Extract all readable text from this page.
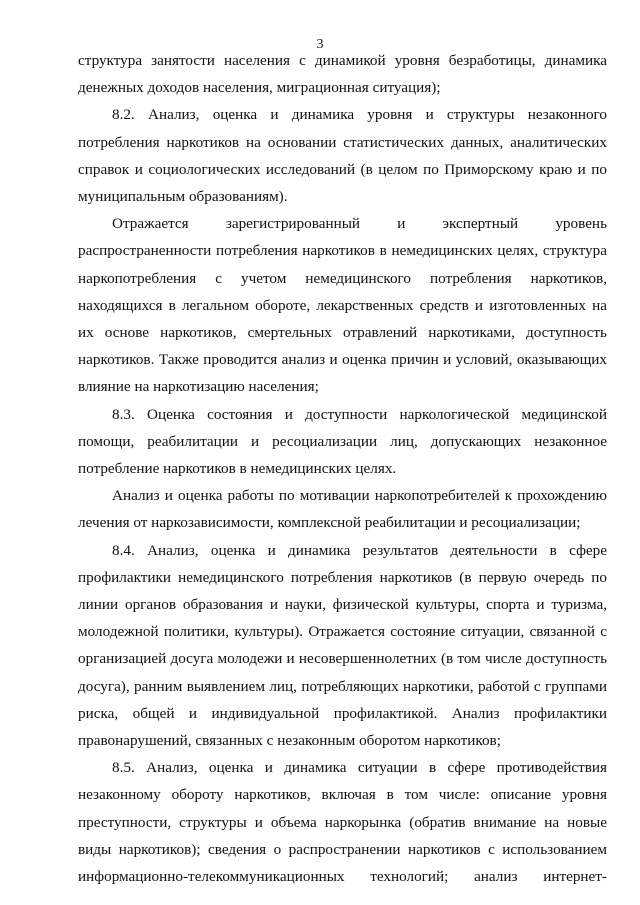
3

структура занятости населения с динамикой уровня безработицы, динамика денежных доходов населения, миграционная ситуация);

8.2. Анализ, оценка и динамика уровня и структуры незаконного потребления наркотиков на основании статистических данных, аналитических справок и социологических исследований (в целом по Приморскому краю и по муниципальным образованиям).

Отражается зарегистрированный и экспертный уровень распространенности потребления наркотиков в немедицинских целях, структура наркопотребления с учетом немедицинского потребления наркотиков, находящихся в легальном обороте, лекарственных средств и изготовленных на их основе наркотиков, смертельных отравлений наркотиками, доступность наркотиков. Также проводится анализ и оценка причин и условий, оказывающих влияние на наркотизацию населения;

8.3. Оценка состояния и доступности наркологической медицинской помощи, реабилитации и ресоциализации лиц, допускающих незаконное потребление наркотиков в немедицинских целях.

Анализ и оценка работы по мотивации наркопотребителей к прохождению лечения от наркозависимости, комплексной реабилитации и ресоциализации;

8.4. Анализ, оценка и динамика результатов деятельности в сфере профилактики немедицинского потребления наркотиков (в первую очередь по линии органов образования и науки, физической культуры, спорта и туризма, молодежной политики, культуры). Отражается состояние ситуации, связанной с организацией досуга молодежи и несовершеннолетних (в том числе доступность досуга), ранним выявлением лиц, потребляющих наркотики, работой с группами риска, общей и индивидуальной профилактикой. Анализ профилактики правонарушений, связанных с незаконным оборотом наркотиков;

8.5. Анализ, оценка и динамика ситуации в сфере противодействия незаконному обороту наркотиков, включая в том числе: описание уровня преступности, структуры и объема наркорынка (обратив внимание на новые виды наркотиков); сведения о распространении наркотиков с использованием информационно-телекоммуникационных технологий; анализ интернет-
